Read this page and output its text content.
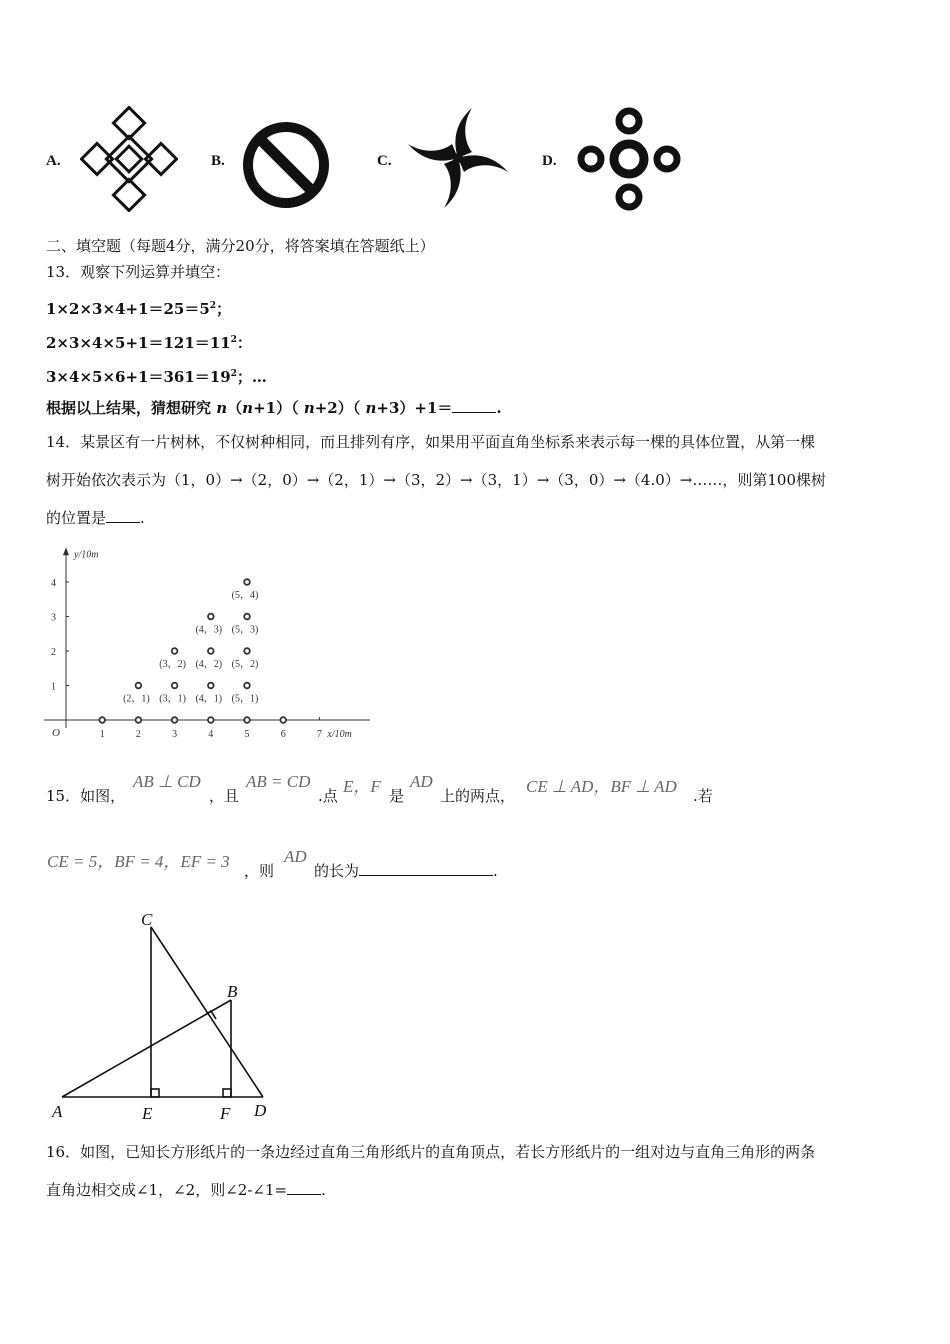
A.	B.	C.	D.
二、填空题（每题4分，满分20分，将答案填在答题纸上）
13．观察下列运算并填空：
$1\times 2\times 3\times 4+1=25=5^2$；
$2\times 3\times 4\times 5+1=121=11^2$：
$3\times 4\times 5\times 6+1=361=19^2$；…
根据以上结果，猜想研究 n（n+1）（ n+2）（ n+3）+1＝	.
14．某景区有一片树林，不仅树种相同，而且排列有序，如果用平面直角坐标系来表示每一棵的具体位置，从第一棵
树开始依次表示为（1，0）→（2，0）→（2，1）→（3，2）→（3，1）→（3，0）→（4.0）→……，则第100棵树
的位置是 .
y/10m
x/10m
O	1	2	3	4	5	6	7
1
2
3
4
(2，1)
(3，2)
(3，1) (4，1)
(4，2)
(4，3)
(5，4)
(5，3)
(5，2)
(5，1)
15．如图，
AB ⊥ CD
，且
AB = CD
.点 E，F 是
AD
上的两点， CE ⊥ AD，BF ⊥ AD .若
CE = 5，BF = 4，EF = 3 ，则
AD
的长为	.
C
B
A	E	F D
16．如图，已知长方形纸片的一条边经过直角三角形纸片的直角顶点，若长方形纸片的一组对边与直角三角形的两条
直角边相交成∠1，∠2，则∠2-∠1= .
